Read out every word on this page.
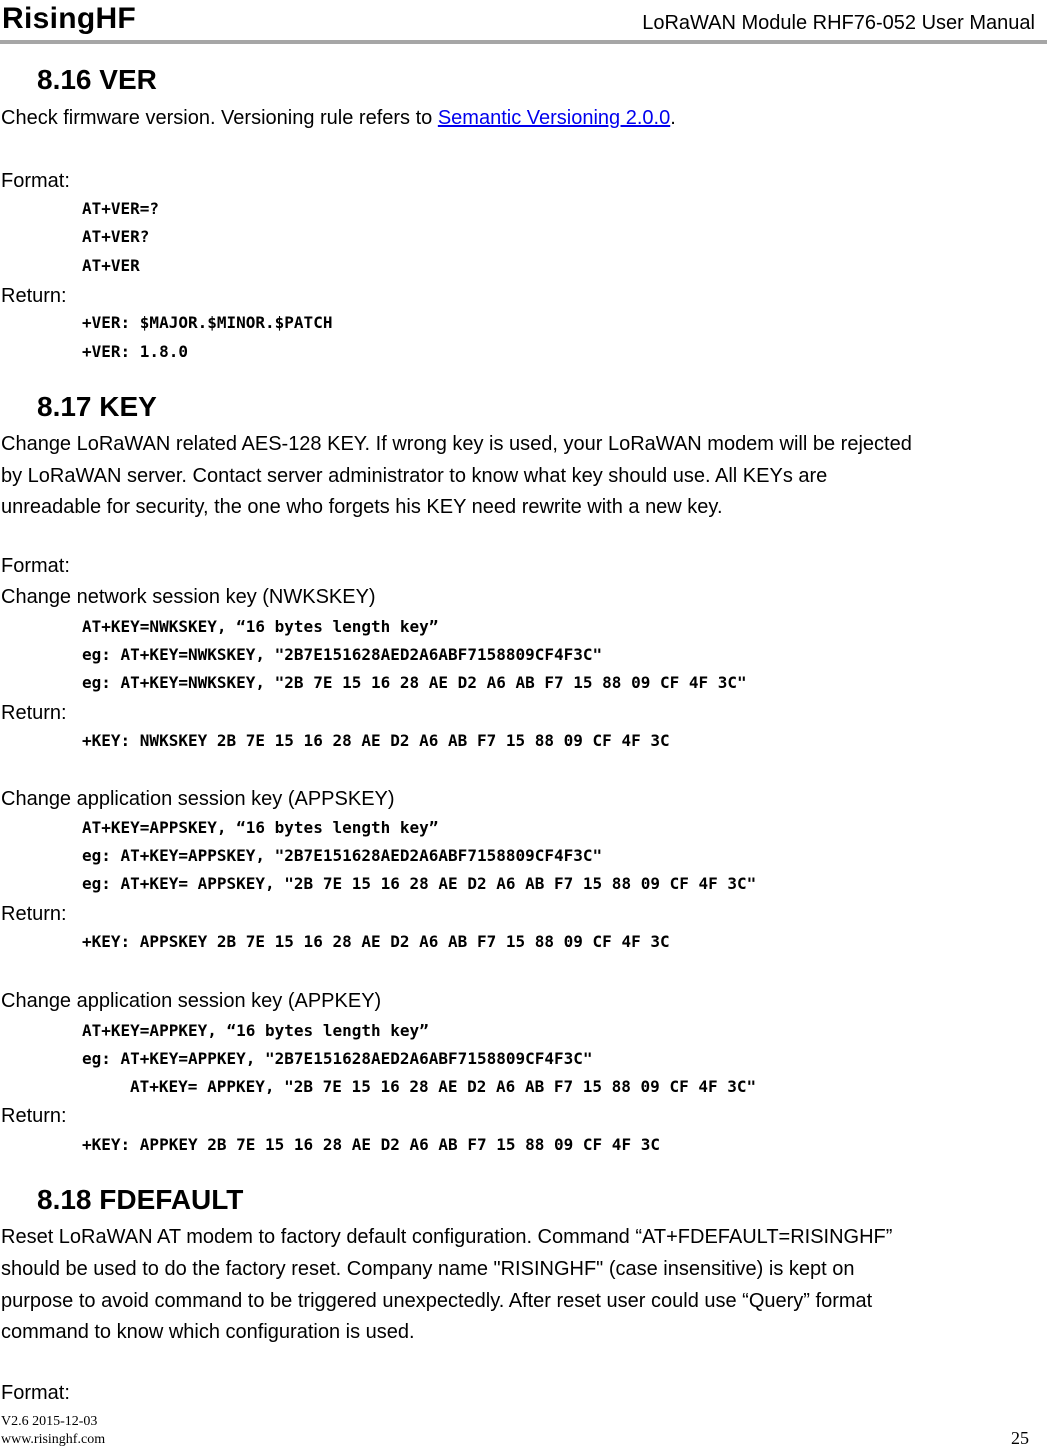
RisingHF	LoRaWAN Module RHF76-052 User Manual
8.16 VER
Check firmware version. Versioning rule refers to Semantic Versioning 2.0.0.
Format:
AT+VER=?
AT+VER?
AT+VER
Return:
+VER: $MAJOR.$MINOR.$PATCH
+VER: 1.8.0
8.17 KEY
Change LoRaWAN related AES-128 KEY. If wrong key is used, your LoRaWAN modem will be rejected
by LoRaWAN server. Contact server administrator to know what key should use. All KEYs are
unreadable for security, the one who forgets his KEY need rewrite with a new key.
Format:
Change network session key (NWKSKEY)
AT+KEY=NWKSKEY, “16 bytes length key”
eg: AT+KEY=NWKSKEY, "2B7E151628AED2A6ABF7158809CF4F3C"
eg: AT+KEY=NWKSKEY, "2B 7E 15 16 28 AE D2 A6 AB F7 15 88 09 CF 4F 3C"
Return:
+KEY: NWKSKEY 2B 7E 15 16 28 AE D2 A6 AB F7 15 88 09 CF 4F 3C
Change application session key (APPSKEY)
AT+KEY=APPSKEY, “16 bytes length key”
eg: AT+KEY=APPSKEY, "2B7E151628AED2A6ABF7158809CF4F3C"
eg: AT+KEY= APPSKEY, "2B 7E 15 16 28 AE D2 A6 AB F7 15 88 09 CF 4F 3C"
Return:
+KEY: APPSKEY 2B 7E 15 16 28 AE D2 A6 AB F7 15 88 09 CF 4F 3C
Change application session key (APPKEY)
AT+KEY=APPKEY, “16 bytes length key”
eg: AT+KEY=APPKEY, "2B7E151628AED2A6ABF7158809CF4F3C"
AT+KEY= APPKEY, "2B 7E 15 16 28 AE D2 A6 AB F7 15 88 09 CF 4F 3C"
Return:
+KEY: APPKEY 2B 7E 15 16 28 AE D2 A6 AB F7 15 88 09 CF 4F 3C
8.18 FDEFAULT
Reset LoRaWAN AT modem to factory default configuration. Command “AT+FDEFAULT=RISINGHF”
should be used to do the factory reset. Company name "RISINGHF" (case insensitive) is kept on
purpose to avoid command to be triggered unexpectedly. After reset user could use “Query” format
command to know which configuration is used.
Format:
V2.6 2015-12-03
www.risinghf.com	25
